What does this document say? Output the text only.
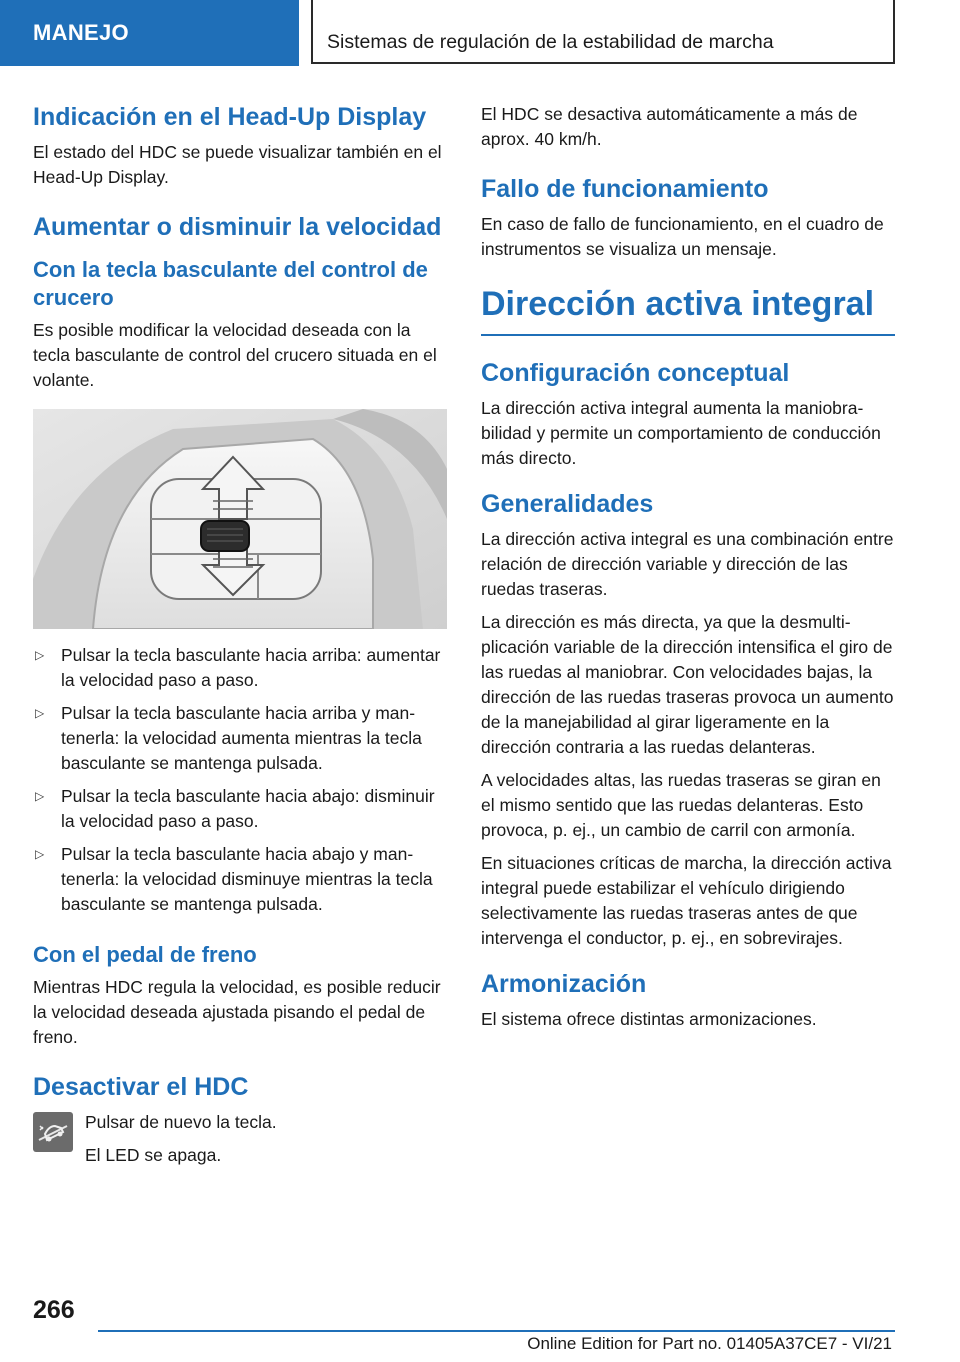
MANEJO	Sistemas de regulación de la estabilidad de marcha
Indicación en el Head-Up Display
El estado del HDC se puede visualizar también en el Head-Up Display.
Aumentar o disminuir la velocidad
Con la tecla basculante del control de crucero
Es posible modificar la velocidad deseada con la tecla basculante de control del crucero situada en el volante.
▷ Pulsar la tecla basculante hacia arriba: aumentar la velocidad paso a paso.
▷ Pulsar la tecla basculante hacia arriba y mantenerla: la velocidad aumenta mientras la tecla basculante se mantenga pulsada.
▷ Pulsar la tecla basculante hacia abajo: disminuir la velocidad paso a paso.
▷ Pulsar la tecla basculante hacia abajo y mantenerla: la velocidad disminuye mientras la tecla basculante se mantenga pulsada.
Con el pedal de freno
Mientras HDC regula la velocidad, es posible reducir la velocidad deseada ajustada pisando el pedal de freno.
Desactivar el HDC
Pulsar de nuevo la tecla.
El LED se apaga.
El HDC se desactiva automáticamente a más de aprox. 40 km/h.
Fallo de funcionamiento
En caso de fallo de funcionamiento, en el cuadro de instrumentos se visualiza un mensaje.
Dirección activa integral
Configuración conceptual
La dirección activa integral aumenta la maniobrabilidad y permite un comportamiento de conducción más directo.
Generalidades
La dirección activa integral es una combinación entre relación de dirección variable y dirección de las ruedas traseras.
La dirección es más directa, ya que la desmultiplicación variable de la dirección intensifica el giro de las ruedas al maniobrar. Con velocidades bajas, la dirección de las ruedas traseras provoca un aumento de la manejabilidad al girar ligeramente en la dirección contraria a las ruedas delanteras.
A velocidades altas, las ruedas traseras se giran en el mismo sentido que las ruedas delanteras. Esto provoca, p. ej., un cambio de carril con armonía.
En situaciones críticas de marcha, la dirección activa integral puede estabilizar el vehículo dirigiendo selectivamente las ruedas traseras antes de que intervenga el conductor, p. ej., en sobrevirajes.
Armonización
El sistema ofrece distintas armonizaciones.
266
Online Edition for Part no. 01405A37CE7 - VI/21
